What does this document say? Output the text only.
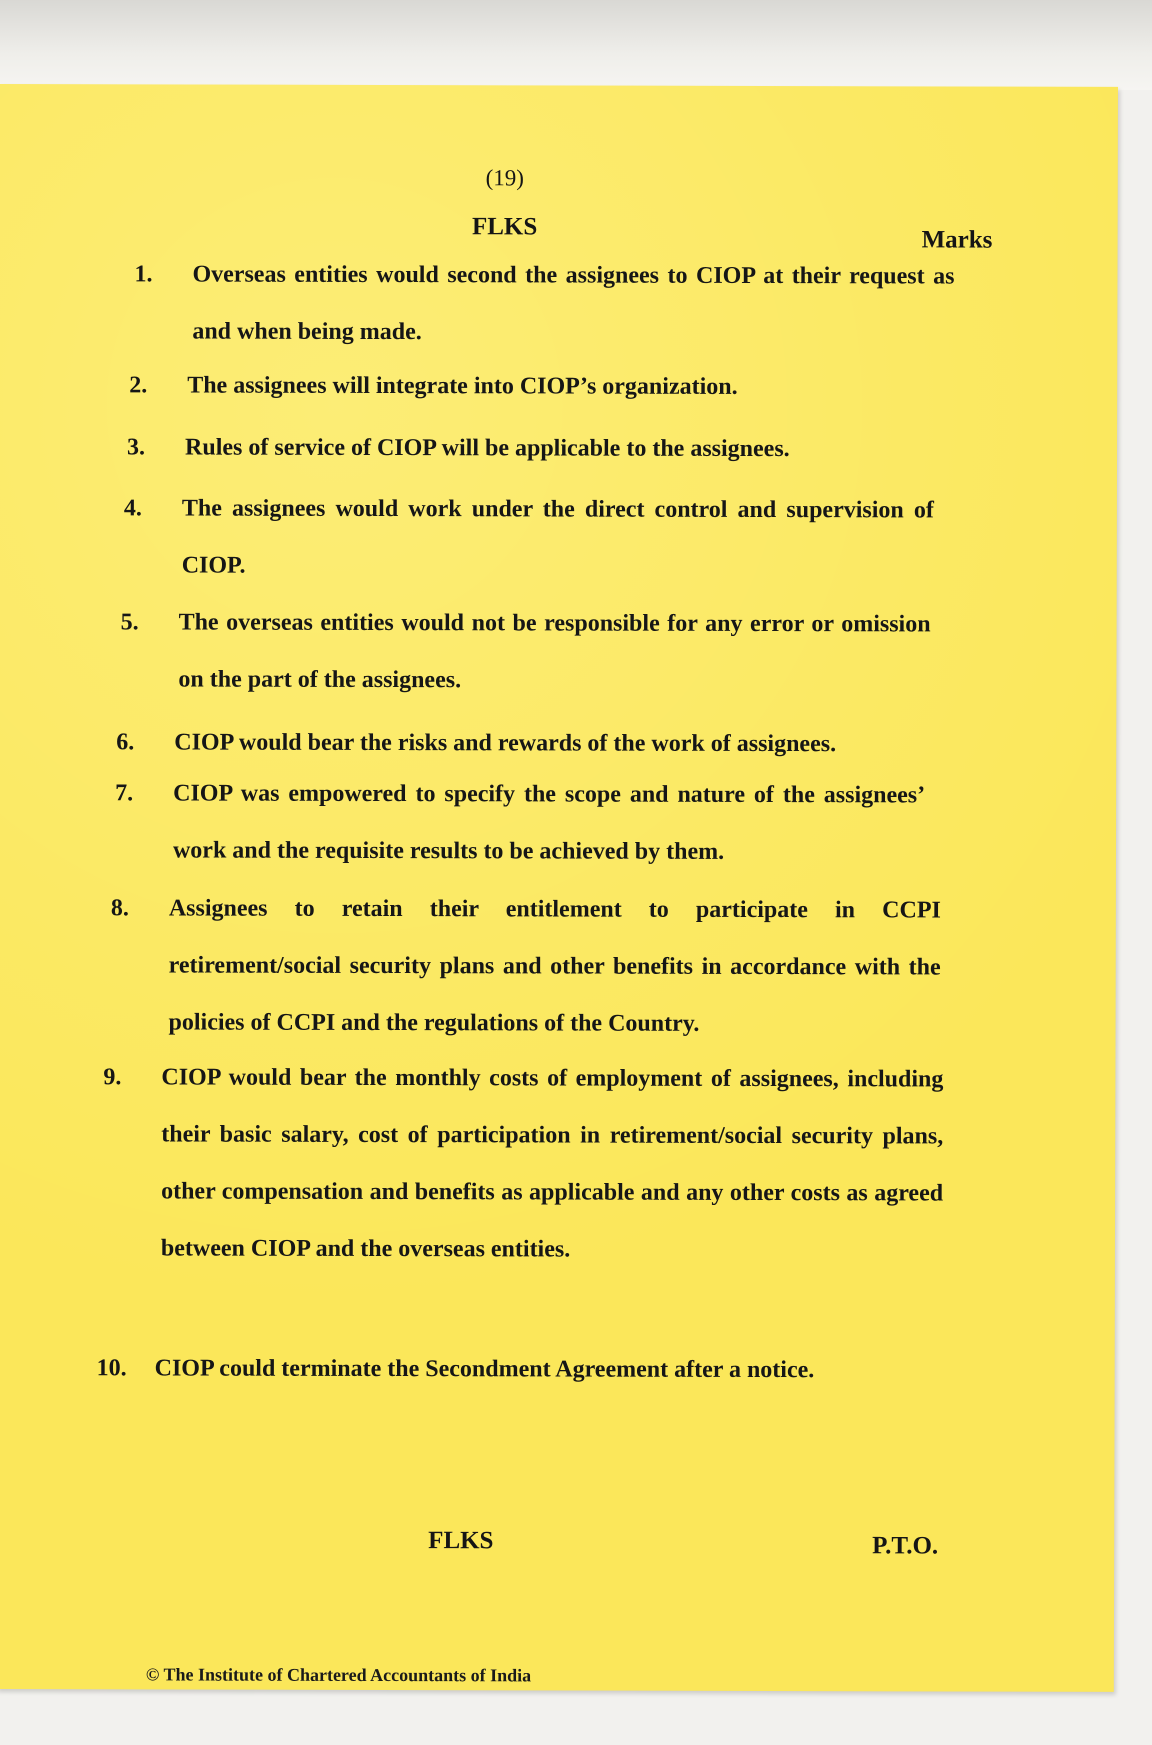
(19)
FLKS	Marks
1. Overseas entities would second the assignees to CIOP at their request as and when being made.
2. The assignees will integrate into CIOP’s organization.
3. Rules of service of CIOP will be applicable to the assignees.
4. The assignees would work under the direct control and supervision of CIOP.
5. The overseas entities would not be responsible for any error or omission on the part of the assignees.
6. CIOP would bear the risks and rewards of the work of assignees.
7. CIOP was empowered to specify the scope and nature of the assignees’ work and the requisite results to be achieved by them.
8. Assignees to retain their entitlement to participate in CCPI retirement/social security plans and other benefits in accordance with the policies of CCPI and the regulations of the Country.
9. CIOP would bear the monthly costs of employment of assignees, including their basic salary, cost of participation in retirement/social security plans, other compensation and benefits as applicable and any other costs as agreed between CIOP and the overseas entities.
10. CIOP could terminate the Secondment Agreement after a notice.
FLKS	P.T.O.
© The Institute of Chartered Accountants of India
